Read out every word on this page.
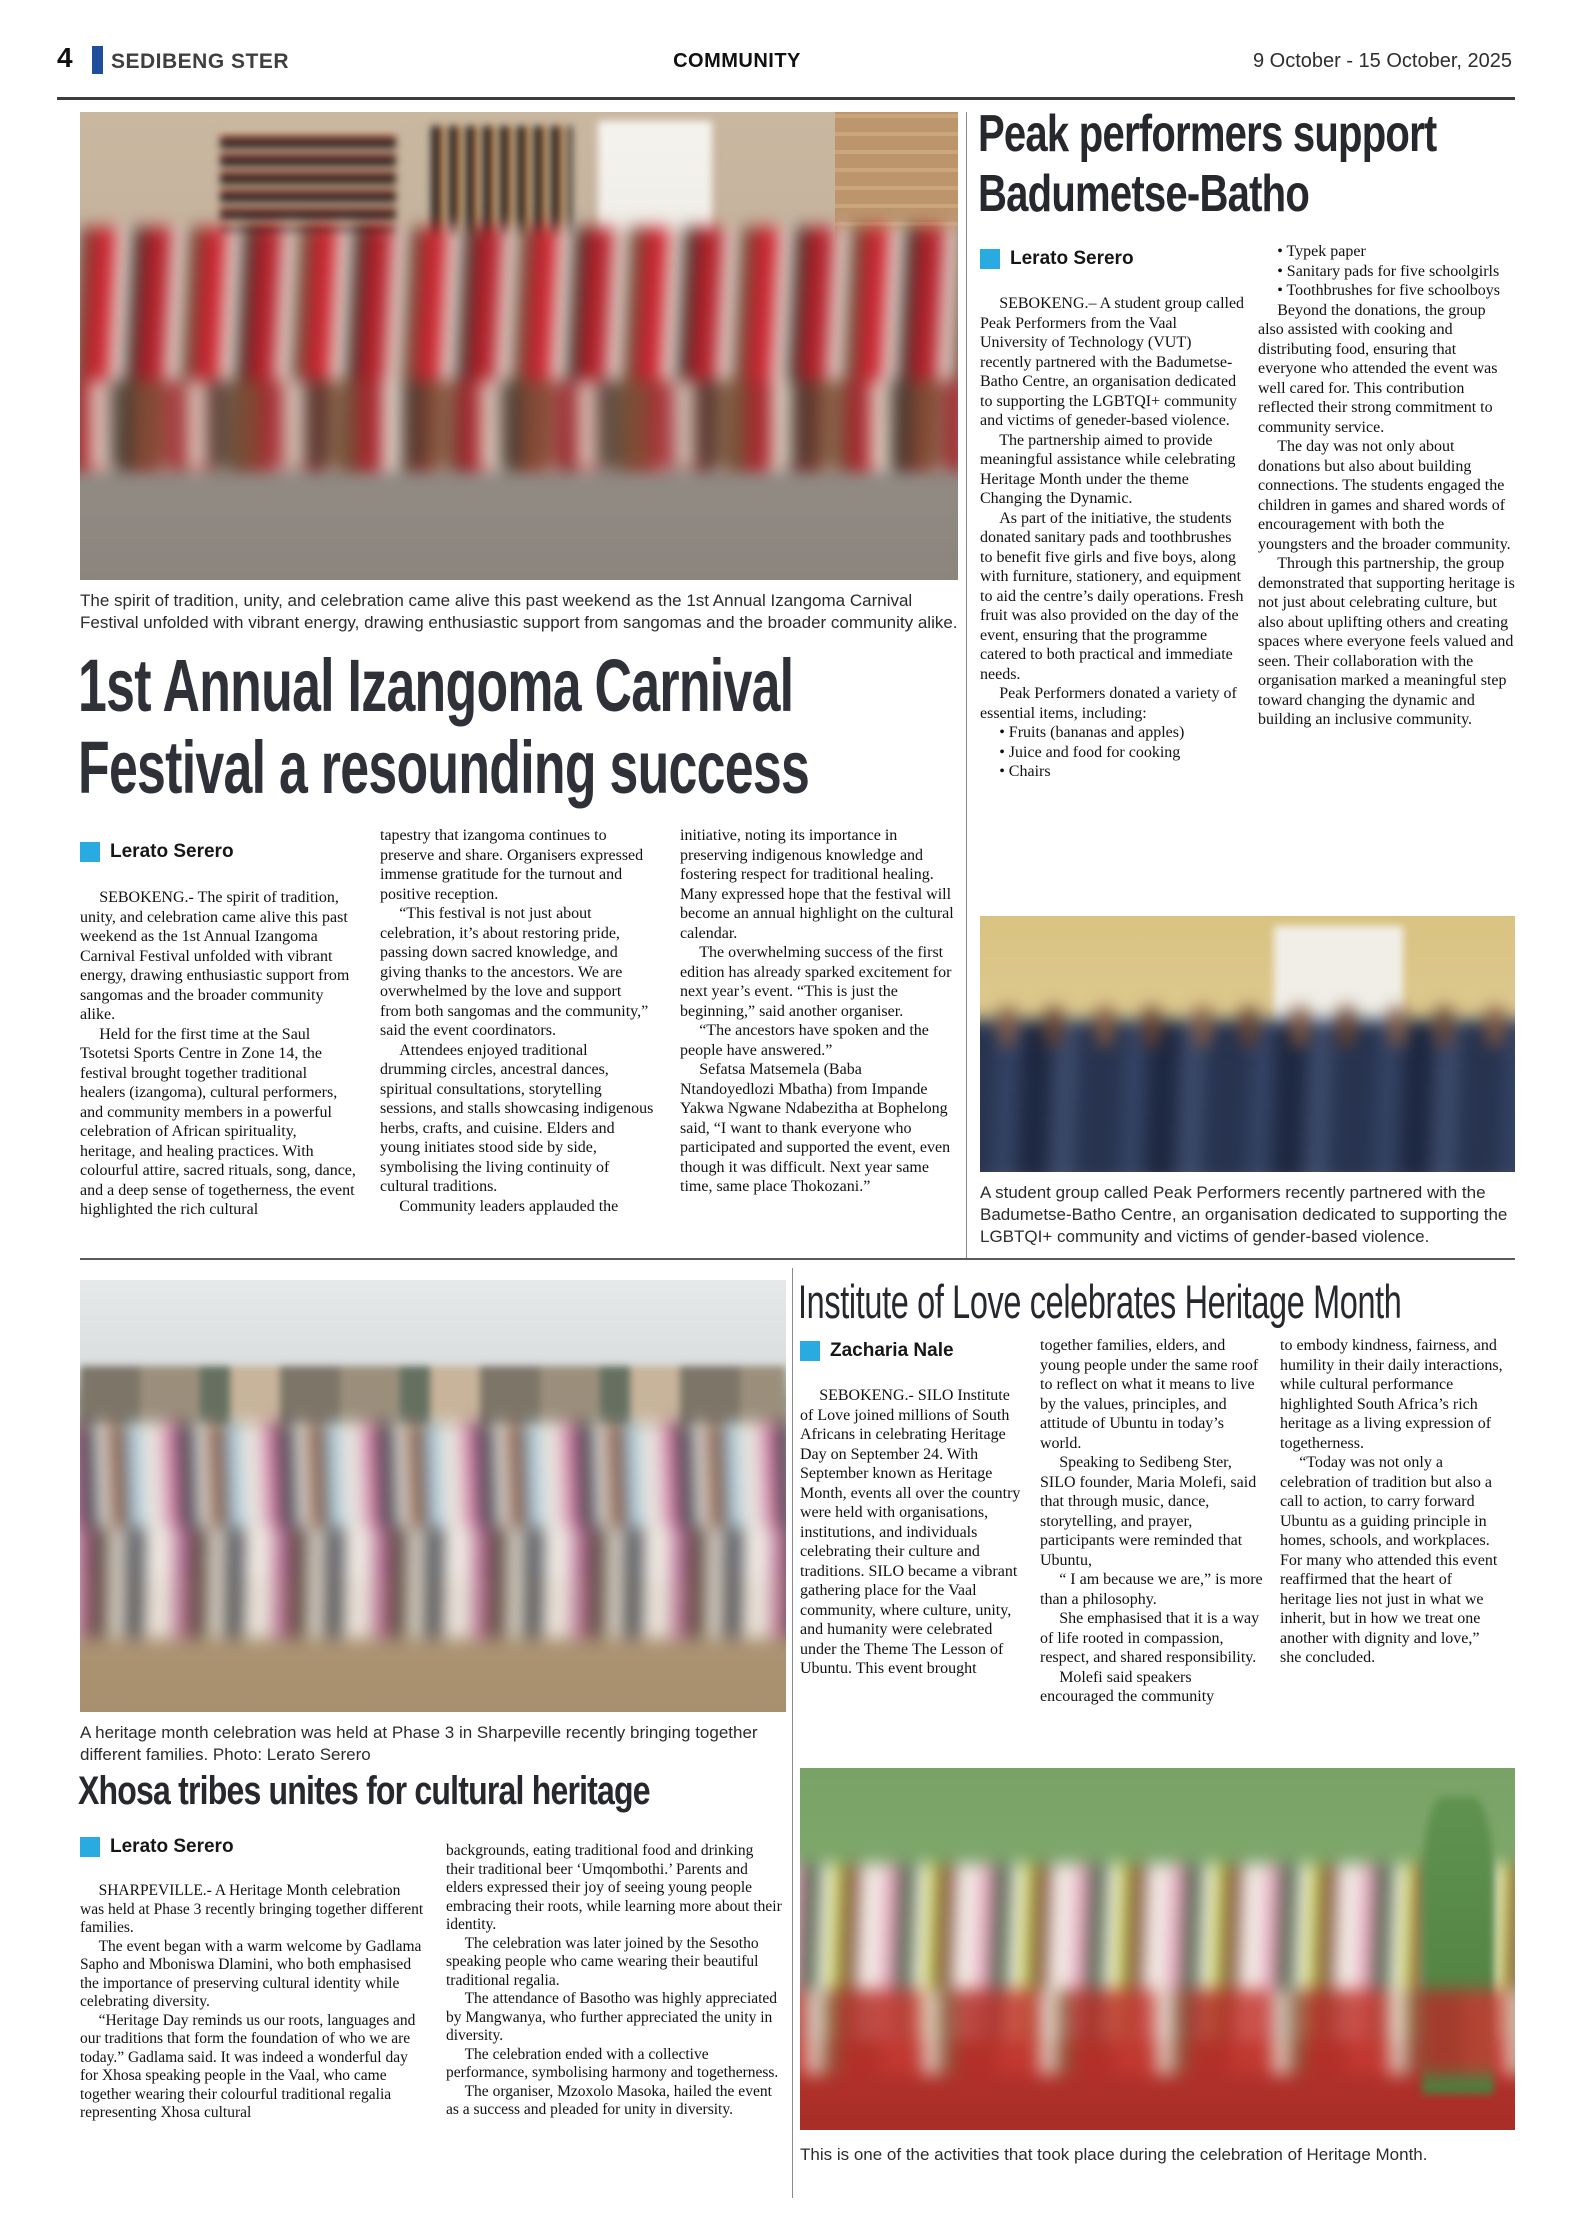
4 SEDIBENG STER	COMMUNITY	9 October - 15 October, 2025
The spirit of tradition, unity, and celebration came alive this past weekend as the 1st Annual Izangoma Carnival Festival unfolded with vibrant energy, drawing enthusiastic support from sangomas and the broader community alike.
1st Annual Izangoma Carnival
Festival a resounding success
Lerato Serero

SEBOKENG.- The spirit of tradition, unity, and celebration came alive this past weekend as the 1st Annual Izangoma Carnival Festival unfolded with vibrant energy, drawing enthusiastic support from sangomas and the broader community alike.

Held for the first time at the Saul Tsotetsi Sports Centre in Zone 14, the festival brought together traditional healers (izangoma), cultural performers, and community members in a powerful celebration of African spirituality, heritage, and healing practices. With colourful attire, sacred rituals, song, dance, and a deep sense of togetherness, the event highlighted the rich cultural

tapestry that izangoma continues to preserve and share. Organisers expressed immense gratitude for the turnout and positive reception.

“This festival is not just about celebration, it’s about restoring pride, passing down sacred knowledge, and giving thanks to the ancestors. We are overwhelmed by the love and support from both sangomas and the community,” said the event coordinators.

Attendees enjoyed traditional drumming circles, ancestral dances, spiritual consultations, storytelling sessions, and stalls showcasing indigenous herbs, crafts, and cuisine. Elders and young initiates stood side by side, symbolising the living continuity of cultural traditions.

Community leaders applauded the

initiative, noting its importance in preserving indigenous knowledge and fostering respect for traditional healing. Many expressed hope that the festival will become an annual highlight on the cultural calendar.

The overwhelming success of the first edition has already sparked excitement for next year’s event. “This is just the beginning,” said another organiser.

“The ancestors have spoken and the people have answered.”

Sefatsa Matsemela (Baba Ntandoyedlozi Mbatha) from Impande Yakwa Ngwane Ndabezitha at Bophelong said, “I want to thank everyone who participated and supported the event, even though it was difficult. Next year same time, same place Thokozani.”

Peak performers support
Badumetse-Batho
Lerato Serero

SEBOKENG.– A student group called Peak Performers from the Vaal University of Technology (VUT) recently partnered with the Badumetse-Batho Centre, an organisation dedicated to supporting the LGBTQI+ community and victims of geneder-based violence.

The partnership aimed to provide meaningful assistance while celebrating Heritage Month under the theme Changing the Dynamic.

As part of the initiative, the students donated sanitary pads and toothbrushes to benefit five girls and five boys, along with furniture, stationery, and equipment to aid the centre’s daily operations. Fresh fruit was also provided on the day of the event, ensuring that the programme catered to both practical and immediate needs.

Peak Performers donated a variety of essential items, including:

• Fruits (bananas and apples)

• Juice and food for cooking

• Chairs

• Typek paper

• Sanitary pads for five schoolgirls

• Toothbrushes for five schoolboys

Beyond the donations, the group also assisted with cooking and distributing food, ensuring that everyone who attended the event was well cared for. This contribution reflected their strong commitment to community service.

The day was not only about donations but also about building connections. The students engaged the children in games and shared words of encouragement with both the youngsters and the broader community.

Through this partnership, the group demonstrated that supporting heritage is not just about celebrating culture, but also about uplifting others and creating spaces where everyone feels valued and seen. Their collaboration with the organisation marked a meaningful step toward changing the dynamic and building an inclusive community.

A student group called Peak Performers recently partnered with the Badumetse-Batho Centre, an organisation dedicated to supporting the LGBTQI+ community and victims of gender-based violence.
A heritage month celebration was held at Phase 3 in Sharpeville recently bringing together different families. Photo: Lerato Serero
Xhosa tribes unites for cultural heritage
Lerato Serero

SHARPEVILLE.- A Heritage Month celebration was held at Phase 3 recently bringing together different families.

The event began with a warm welcome by Gadlama Sapho and Mboniswa Dlamini, who both emphasised the importance of preserving cultural identity while celebrating diversity.

“Heritage Day reminds us our roots, languages and our traditions that form the foundation of who we are today.” Gadlama said. It was indeed a wonderful day for Xhosa speaking people in the Vaal, who came together wearing their colourful traditional regalia representing Xhosa cultural

backgrounds, eating traditional food and drinking their traditional beer ‘Umqombothi.’ Parents and elders expressed their joy of seeing young people embracing their roots, while learning more about their identity.

The celebration was later joined by the Sesotho speaking people who came wearing their beautiful traditional regalia.

The attendance of Basotho was highly appreciated by Mangwanya, who further appreciated the unity in diversity.

The celebration ended with a collective performance, symbolising harmony and togetherness.

The organiser, Mzoxolo Masoka, hailed the event as a success and pleaded for unity in diversity.

Institute of Love celebrates Heritage Month
Zacharia Nale

SEBOKENG.- SILO Institute of Love joined millions of South Africans in celebrating Heritage Day on September 24. With September known as Heritage Month, events all over the country were held with organisations, institutions, and individuals celebrating their culture and traditions. SILO became a vibrant gathering place for the Vaal community, where culture, unity, and humanity were celebrated under the Theme The Lesson of Ubuntu. This event brought

together families, elders, and young people under the same roof to reflect on what it means to live by the values, principles, and attitude of Ubuntu in today’s world.

Speaking to Sedibeng Ster, SILO founder, Maria Molefi, said that through music, dance, storytelling, and prayer, participants were reminded that Ubuntu,

“ I am because we are,” is more than a philosophy.

She emphasised that it is a way of life rooted in compassion, respect, and shared responsibility.

Molefi said speakers encouraged the community

to embody kindness, fairness, and humility in their daily interactions, while cultural performance highlighted South Africa’s rich heritage as a living expression of togetherness.

“Today was not only a celebration of tradition but also a call to action, to carry forward Ubuntu as a guiding principle in homes, schools, and workplaces. For many who attended this event reaffirmed that the heart of heritage lies not just in what we inherit, but in how we treat one another with dignity and love,” she concluded.

This is one of the activities that took place during the celebration of Heritage Month.
